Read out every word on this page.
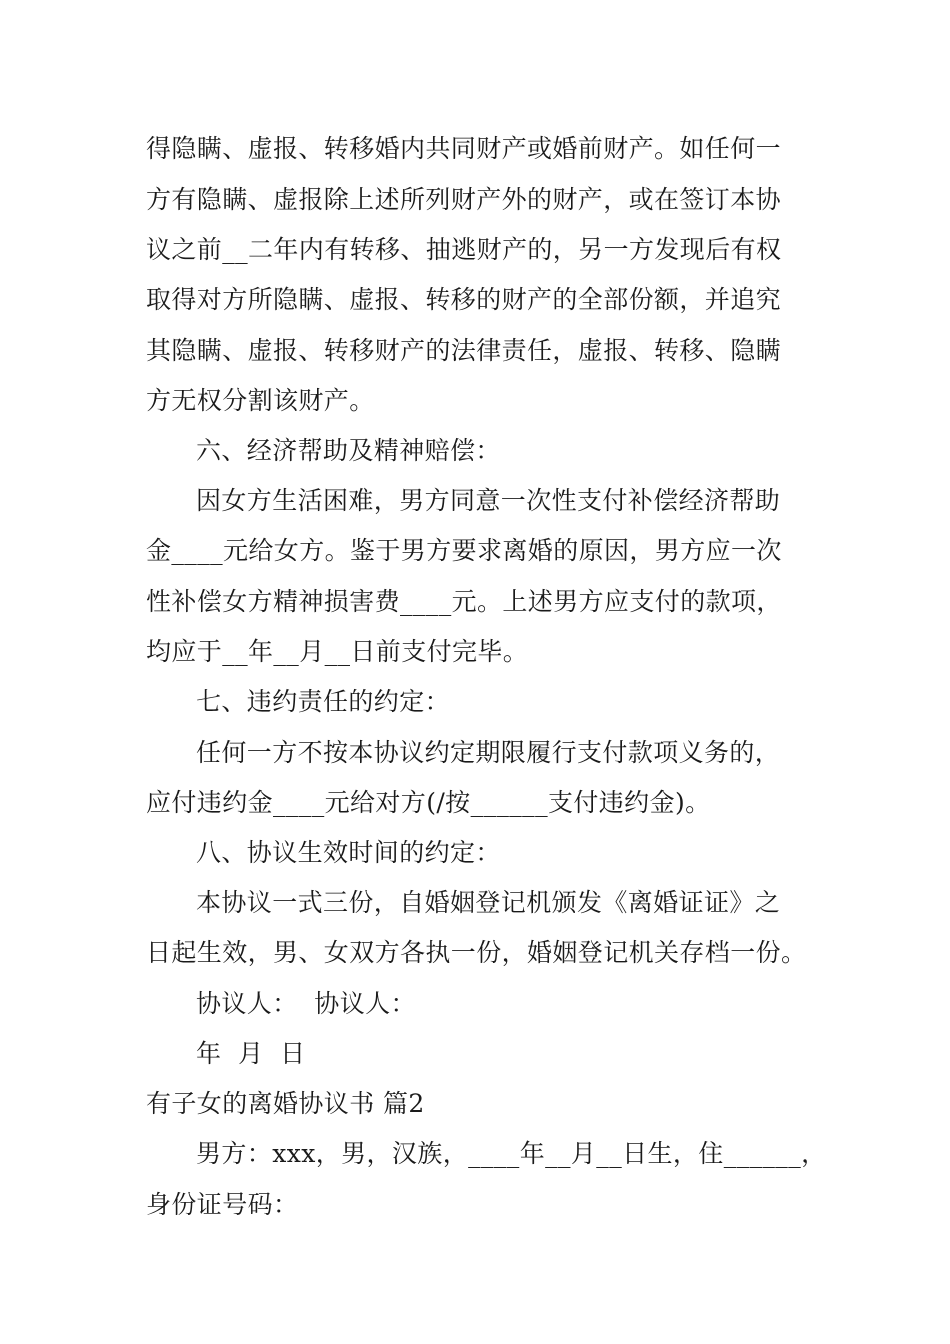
得隐瞒、虚报、转移婚内共同财产或婚前财产。如任何一
方有隐瞒、虚报除上述所列财产外的财产，或在签订本协
议之前__二年内有转移、抽逃财产的，另一方发现后有权
取得对方所隐瞒、虚报、转移的财产的全部份额，并追究
其隐瞒、虚报、转移财产的法律责任，虚报、转移、隐瞒
方无权分割该财产。
六、经济帮助及精神赔偿：
因女方生活困难，男方同意一次性支付补偿经济帮助
金____元给女方。鉴于男方要求离婚的原因，男方应一次
性补偿女方精神损害费____元。上述男方应支付的款项，
均应于__年__月__日前支付完毕。
七、违约责任的约定：
任何一方不按本协议约定期限履行支付款项义务的，
应付违约金____元给对方(/按______支付违约金)。
八、协议生效时间的约定：
本协议一式三份，自婚姻登记机颁发《离婚证证》之
日起生效，男、女双方各执一份，婚姻登记机关存档一份。
协议人：  协议人：
年  月  日
有子女的离婚协议书 篇2
男方：xxx，男，汉族，____年__月__日生，住______，
身份证号码：
